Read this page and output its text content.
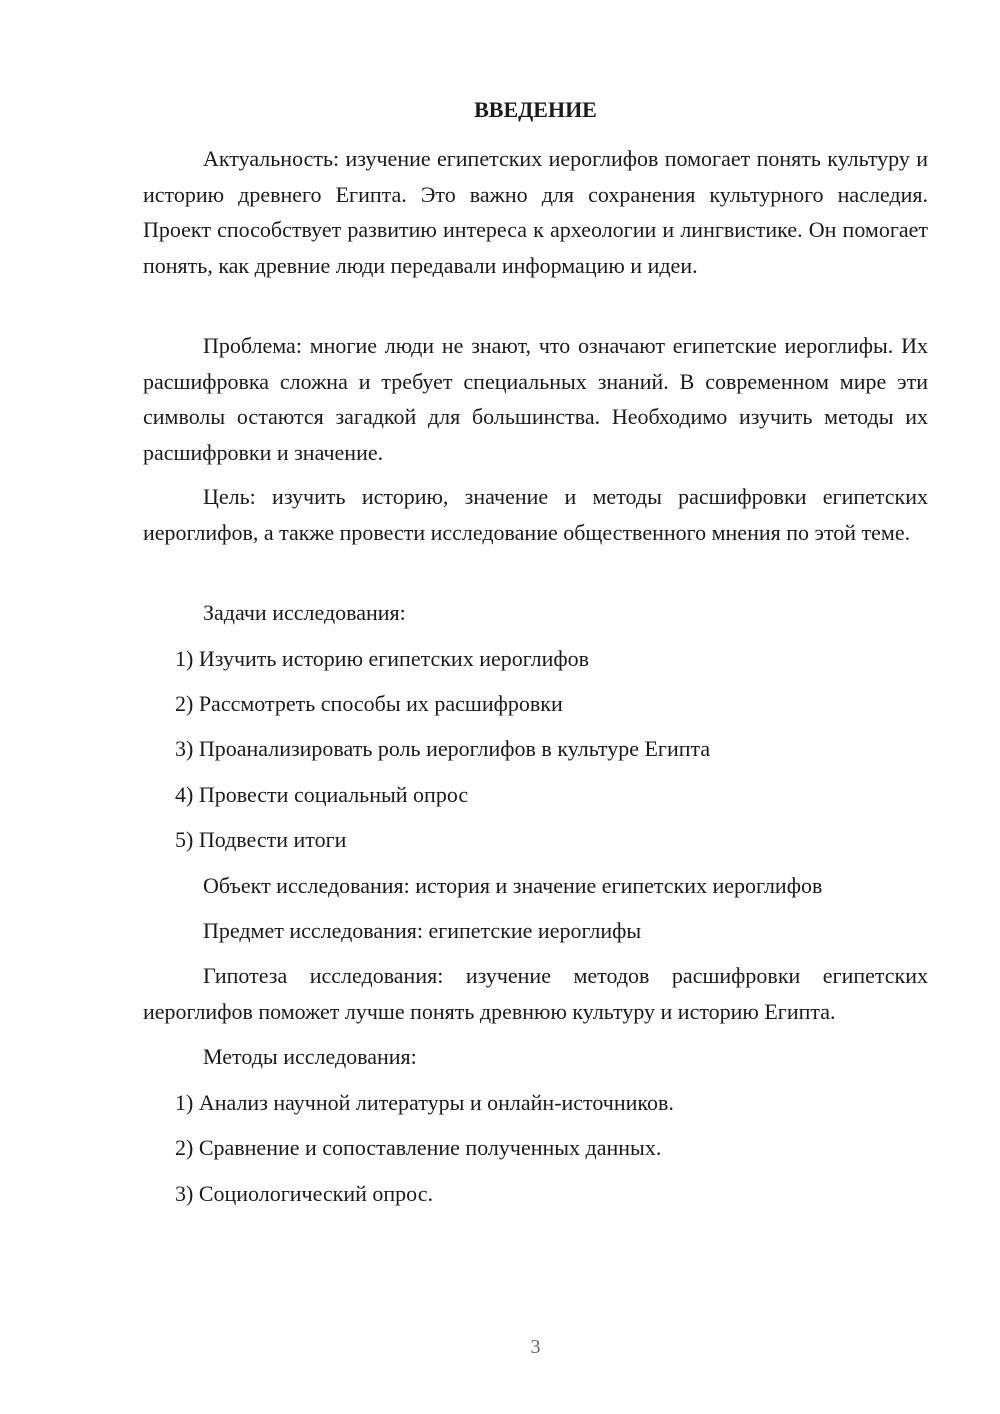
ВВЕДЕНИЕ

Актуальность: изучение египетских иероглифов помогает понять культуру и историю древнего Египта. Это важно для сохранения культурного наследия. Проект способствует развитию интереса к археологии и лингвистике. Он помогает понять, как древние люди передавали информацию и идеи.

Проблема: многие люди не знают, что означают египетские иероглифы. Их расшифровка сложна и требует специальных знаний. В современном мире эти символы остаются загадкой для большинства. Необходимо изучить методы их расшифровки и значение.

Цель: изучить историю, значение и методы расшифровки египетских иероглифов, а также провести исследование общественного мнения по этой теме.

Задачи исследования:
1) Изучить историю египетских иероглифов
2) Рассмотреть способы их расшифровки
3) Проанализировать роль иероглифов в культуре Египта
4) Провести социальный опрос
5) Подвести итоги
Объект исследования: история и значение египетских иероглифов
Предмет исследования: египетские иероглифы

Гипотеза исследования: изучение методов расшифровки египетских иероглифов поможет лучше понять древнюю культуру и историю Египта.

Методы исследования:
1) Анализ научной литературы и онлайн-источников.
2) Сравнение и сопоставление полученных данных.
3) Социологический опрос.
3
